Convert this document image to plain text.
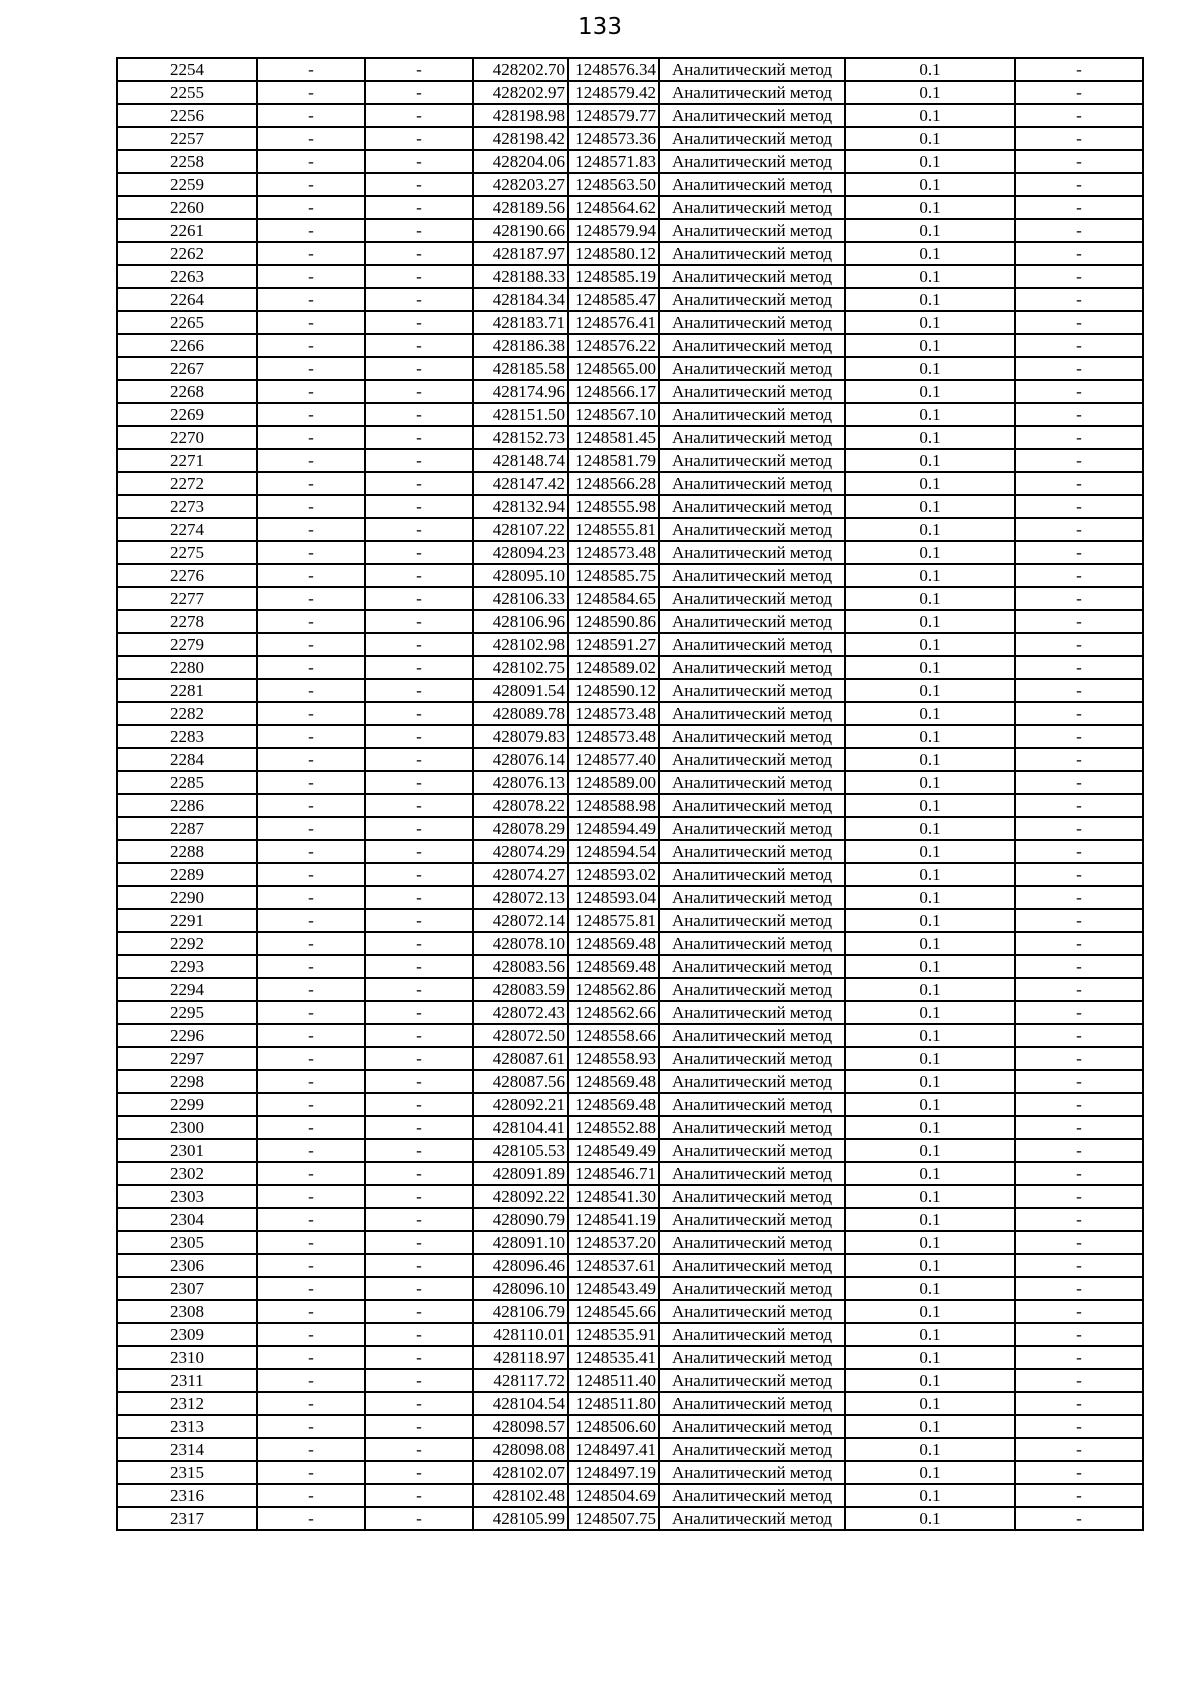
133
2254	-	-	428202.70	1248576.34	Аналитический метод	0.1	-
2255	-	-	428202.97	1248579.42	Аналитический метод	0.1	-
2256	-	-	428198.98	1248579.77	Аналитический метод	0.1	-
2257	-	-	428198.42	1248573.36	Аналитический метод	0.1	-
2258	-	-	428204.06	1248571.83	Аналитический метод	0.1	-
2259	-	-	428203.27	1248563.50	Аналитический метод	0.1	-
2260	-	-	428189.56	1248564.62	Аналитический метод	0.1	-
2261	-	-	428190.66	1248579.94	Аналитический метод	0.1	-
2262	-	-	428187.97	1248580.12	Аналитический метод	0.1	-
2263	-	-	428188.33	1248585.19	Аналитический метод	0.1	-
2264	-	-	428184.34	1248585.47	Аналитический метод	0.1	-
2265	-	-	428183.71	1248576.41	Аналитический метод	0.1	-
2266	-	-	428186.38	1248576.22	Аналитический метод	0.1	-
2267	-	-	428185.58	1248565.00	Аналитический метод	0.1	-
2268	-	-	428174.96	1248566.17	Аналитический метод	0.1	-
2269	-	-	428151.50	1248567.10	Аналитический метод	0.1	-
2270	-	-	428152.73	1248581.45	Аналитический метод	0.1	-
2271	-	-	428148.74	1248581.79	Аналитический метод	0.1	-
2272	-	-	428147.42	1248566.28	Аналитический метод	0.1	-
2273	-	-	428132.94	1248555.98	Аналитический метод	0.1	-
2274	-	-	428107.22	1248555.81	Аналитический метод	0.1	-
2275	-	-	428094.23	1248573.48	Аналитический метод	0.1	-
2276	-	-	428095.10	1248585.75	Аналитический метод	0.1	-
2277	-	-	428106.33	1248584.65	Аналитический метод	0.1	-
2278	-	-	428106.96	1248590.86	Аналитический метод	0.1	-
2279	-	-	428102.98	1248591.27	Аналитический метод	0.1	-
2280	-	-	428102.75	1248589.02	Аналитический метод	0.1	-
2281	-	-	428091.54	1248590.12	Аналитический метод	0.1	-
2282	-	-	428089.78	1248573.48	Аналитический метод	0.1	-
2283	-	-	428079.83	1248573.48	Аналитический метод	0.1	-
2284	-	-	428076.14	1248577.40	Аналитический метод	0.1	-
2285	-	-	428076.13	1248589.00	Аналитический метод	0.1	-
2286	-	-	428078.22	1248588.98	Аналитический метод	0.1	-
2287	-	-	428078.29	1248594.49	Аналитический метод	0.1	-
2288	-	-	428074.29	1248594.54	Аналитический метод	0.1	-
2289	-	-	428074.27	1248593.02	Аналитический метод	0.1	-
2290	-	-	428072.13	1248593.04	Аналитический метод	0.1	-
2291	-	-	428072.14	1248575.81	Аналитический метод	0.1	-
2292	-	-	428078.10	1248569.48	Аналитический метод	0.1	-
2293	-	-	428083.56	1248569.48	Аналитический метод	0.1	-
2294	-	-	428083.59	1248562.86	Аналитический метод	0.1	-
2295	-	-	428072.43	1248562.66	Аналитический метод	0.1	-
2296	-	-	428072.50	1248558.66	Аналитический метод	0.1	-
2297	-	-	428087.61	1248558.93	Аналитический метод	0.1	-
2298	-	-	428087.56	1248569.48	Аналитический метод	0.1	-
2299	-	-	428092.21	1248569.48	Аналитический метод	0.1	-
2300	-	-	428104.41	1248552.88	Аналитический метод	0.1	-
2301	-	-	428105.53	1248549.49	Аналитический метод	0.1	-
2302	-	-	428091.89	1248546.71	Аналитический метод	0.1	-
2303	-	-	428092.22	1248541.30	Аналитический метод	0.1	-
2304	-	-	428090.79	1248541.19	Аналитический метод	0.1	-
2305	-	-	428091.10	1248537.20	Аналитический метод	0.1	-
2306	-	-	428096.46	1248537.61	Аналитический метод	0.1	-
2307	-	-	428096.10	1248543.49	Аналитический метод	0.1	-
2308	-	-	428106.79	1248545.66	Аналитический метод	0.1	-
2309	-	-	428110.01	1248535.91	Аналитический метод	0.1	-
2310	-	-	428118.97	1248535.41	Аналитический метод	0.1	-
2311	-	-	428117.72	1248511.40	Аналитический метод	0.1	-
2312	-	-	428104.54	1248511.80	Аналитический метод	0.1	-
2313	-	-	428098.57	1248506.60	Аналитический метод	0.1	-
2314	-	-	428098.08	1248497.41	Аналитический метод	0.1	-
2315	-	-	428102.07	1248497.19	Аналитический метод	0.1	-
2316	-	-	428102.48	1248504.69	Аналитический метод	0.1	-
2317	-	-	428105.99	1248507.75	Аналитический метод	0.1	-
